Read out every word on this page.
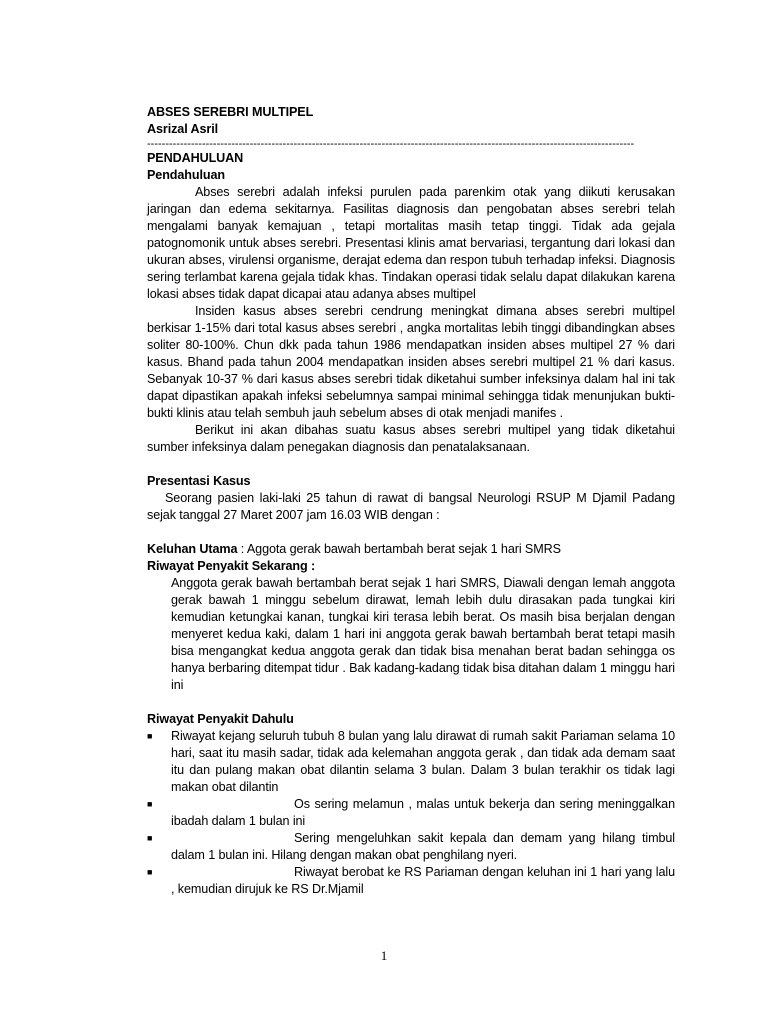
ABSES SEREBRI MULTIPEL
Asrizal Asril
-------------------------------------------------------------------------------------------------------------------------------------
PENDAHULUAN
Pendahuluan

Abses serebri adalah infeksi purulen pada parenkim otak yang diikuti kerusakan jaringan dan edema sekitarnya. Fasilitas diagnosis dan pengobatan abses serebri telah mengalami banyak kemajuan , tetapi mortalitas masih tetap tinggi. Tidak ada gejala patognomonik untuk abses serebri. Presentasi klinis amat bervariasi, tergantung dari lokasi dan ukuran abses, virulensi organisme, derajat edema dan respon tubuh terhadap infeksi. Diagnosis sering terlambat karena gejala tidak khas. Tindakan operasi tidak selalu dapat dilakukan karena lokasi abses tidak dapat dicapai atau adanya abses multipel

Insiden kasus abses serebri cendrung meningkat dimana abses serebri multipel berkisar 1-15% dari total kasus abses serebri , angka mortalitas lebih tinggi dibandingkan abses soliter 80-100%. Chun dkk pada tahun 1986 mendapatkan insiden abses multipel 27 % dari kasus. Bhand pada tahun 2004 mendapatkan insiden abses serebri multipel 21 % dari kasus. Sebanyak 10-37 % dari kasus abses serebri tidak diketahui sumber infeksinya dalam hal ini tak dapat dipastikan apakah infeksi sebelumnya sampai minimal sehingga tidak menunjukan bukti-bukti klinis atau telah sembuh jauh sebelum abses di otak menjadi manifes .

Berikut ini akan dibahas suatu kasus abses serebri multipel yang tidak diketahui sumber infeksinya dalam penegakan diagnosis dan penatalaksanaan.

Presentasi Kasus

Seorang pasien laki-laki 25 tahun di rawat di bangsal Neurologi RSUP M Djamil Padang sejak tanggal 27 Maret 2007 jam 16.03 WIB dengan :

Keluhan Utama : Aggota gerak bawah bertambah berat sejak 1 hari SMRS
Riwayat Penyakit Sekarang :

Anggota gerak bawah bertambah berat sejak 1 hari SMRS, Diawali dengan lemah anggota gerak bawah 1 minggu sebelum dirawat, lemah lebih dulu dirasakan pada tungkai kiri kemudian ketungkai kanan, tungkai kiri terasa lebih berat. Os masih bisa berjalan dengan menyeret kedua kaki, dalam 1 hari ini anggota gerak bawah bertambah berat tetapi masih bisa mengangkat kedua anggota gerak dan tidak bisa menahan berat badan sehingga os hanya berbaring ditempat tidur . Bak kadang-kadang tidak bisa ditahan dalam 1 minggu hari ini

Riwayat Penyakit Dahulu
■ Riwayat kejang seluruh tubuh 8 bulan yang lalu dirawat di rumah sakit Pariaman selama 10 hari, saat itu masih sadar, tidak ada kelemahan anggota gerak , dan tidak ada demam saat itu dan pulang makan obat dilantin selama 3 bulan. Dalam 3 bulan terakhir os tidak lagi makan obat dilantin
■	Os sering melamun , malas untuk bekerja dan sering meninggalkan ibadah dalam 1 bulan ini
■	Sering mengeluhkan sakit kepala dan demam yang hilang timbul dalam 1 bulan ini. Hilang dengan makan obat penghilang nyeri.
■	Riwayat berobat ke RS Pariaman dengan keluhan ini 1 hari yang lalu , kemudian dirujuk ke RS Dr.Mjamil
1
